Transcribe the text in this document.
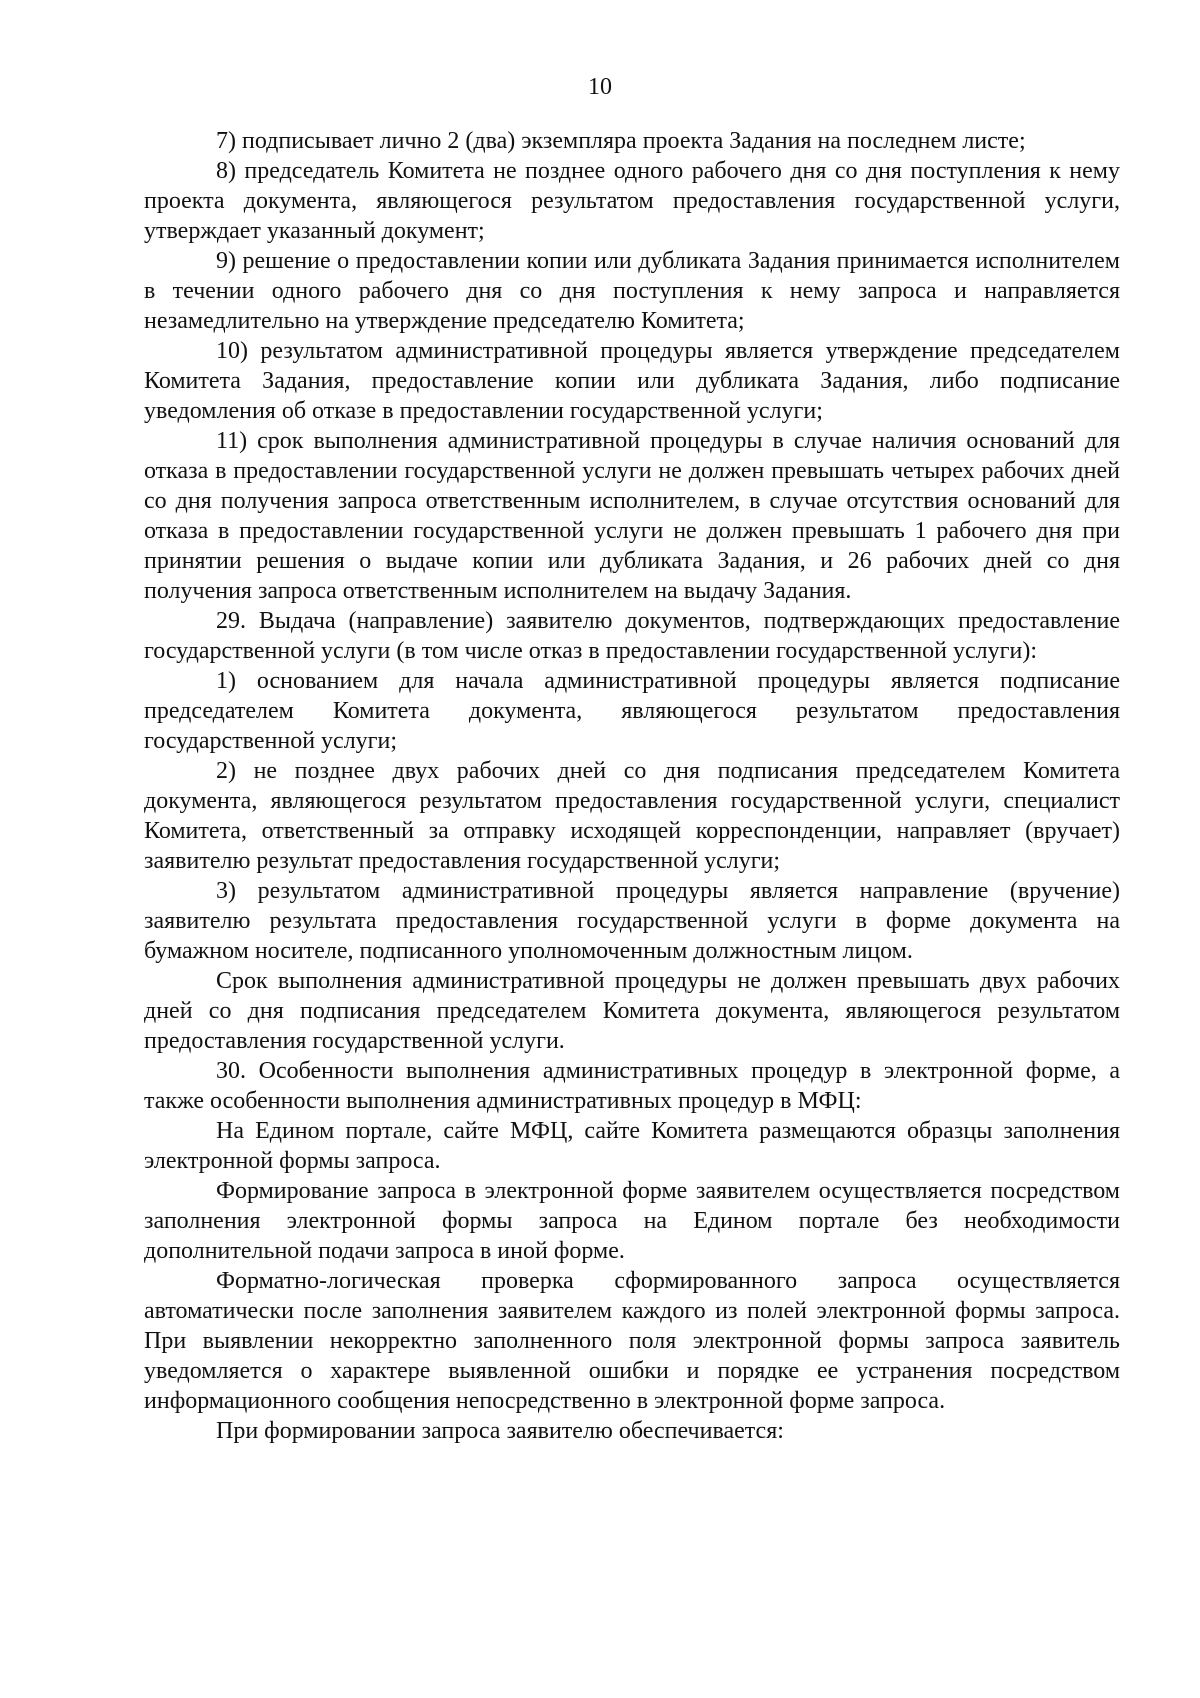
10

7) подписывает лично 2 (два) экземпляра проекта Задания на последнем листе;

8) председатель Комитета не позднее одного рабочего дня со дня поступления к нему проекта документа, являющегося результатом предоставления государственной услуги, утверждает указанный документ;

9) решение о предоставлении копии или дубликата Задания принимается исполнителем в течении одного рабочего дня со дня поступления к нему запроса и направляется незамедлительно на утверждение председателю Комитета;

10) результатом административной процедуры является утверждение председателем Комитета Задания, предоставление копии или дубликата Задания, либо подписание уведомления об отказе в предоставлении государственной услуги;

11) срок выполнения административной процедуры в случае наличия оснований для отказа в предоставлении государственной услуги не должен превышать четырех рабочих дней со дня получения запроса ответственным исполнителем, в случае отсутствия оснований для отказа в предоставлении государственной услуги не должен превышать 1 рабочего дня при принятии решения о выдаче копии или дубликата Задания, и 26 рабочих дней со дня получения запроса ответственным исполнителем на выдачу Задания.

29. Выдача (направление) заявителю документов, подтверждающих предоставление государственной услуги (в том числе отказ в предоставлении государственной услуги):

1) основанием для начала административной процедуры является подписание председателем Комитета документа, являющегося результатом предоставления государственной услуги;

2) не позднее двух рабочих дней со дня подписания председателем Комитета документа, являющегося результатом предоставления государственной услуги, специалист Комитета, ответственный за отправку исходящей корреспонденции, направляет (вручает) заявителю результат предоставления государственной услуги;

3) результатом административной процедуры является направление (вручение) заявителю результата предоставления государственной услуги в форме документа на бумажном носителе, подписанного уполномоченным должностным лицом.

Срок выполнения административной процедуры не должен превышать двух рабочих дней со дня подписания председателем Комитета документа, являющегося результатом предоставления государственной услуги.

30. Особенности выполнения административных процедур в электронной форме, а также особенности выполнения административных процедур в МФЦ:

На Едином портале, сайте МФЦ, сайте Комитета размещаются образцы заполнения электронной формы запроса.

Формирование запроса в электронной форме заявителем осуществляется посредством заполнения электронной формы запроса на Едином портале без необходимости дополнительной подачи запроса в иной форме.

Форматно-логическая проверка сформированного запроса осуществляется автоматически после заполнения заявителем каждого из полей электронной формы запроса. При выявлении некорректно заполненного поля электронной формы запроса заявитель уведомляется о характере выявленной ошибки и порядке ее устранения посредством информационного сообщения непосредственно в электронной форме запроса.

При формировании запроса заявителю обеспечивается:
